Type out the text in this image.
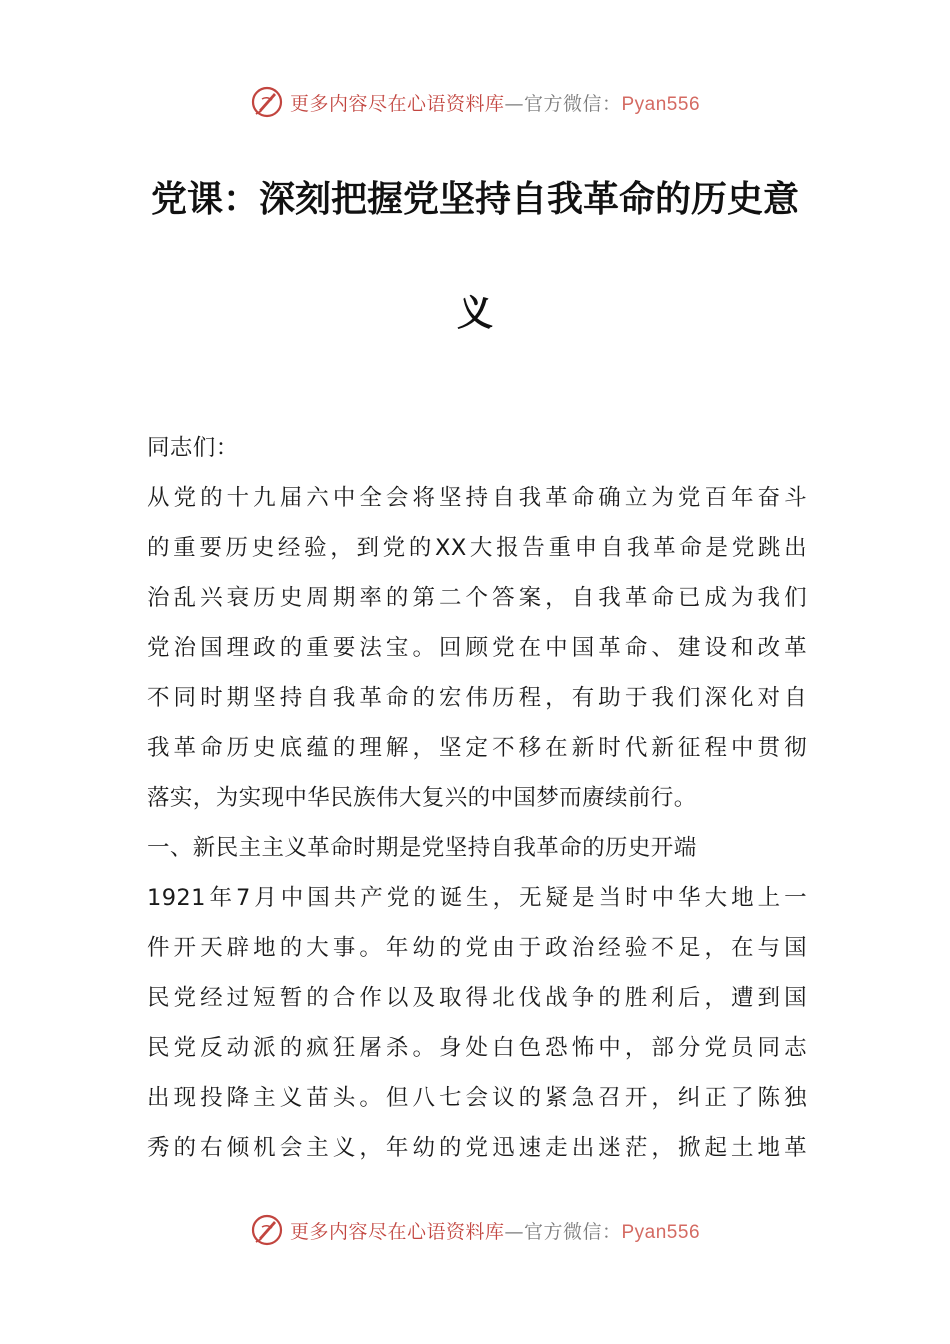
更多内容尽在心语资料库—官方微信：Pyan556
党课：深刻把握党坚持自我革命的历史意
义
同志们：
从党的十九届六中全会将坚持自我革命确立为党百年奋斗
的重要历史经验，到党的XX大报告重申自我革命是党跳出
治乱兴衰历史周期率的第二个答案，自我革命已成为我们
党治国理政的重要法宝。回顾党在中国革命、建设和改革
不同时期坚持自我革命的宏伟历程，有助于我们深化对自
我革命历史底蕴的理解，坚定不移在新时代新征程中贯彻
落实，为实现中华民族伟大复兴的中国梦而赓续前行。
一、新民主主义革命时期是党坚持自我革命的历史开端
1921年7月中国共产党的诞生，无疑是当时中华大地上一
件开天辟地的大事。年幼的党由于政治经验不足，在与国
民党经过短暂的合作以及取得北伐战争的胜利后，遭到国
民党反动派的疯狂屠杀。身处白色恐怖中，部分党员同志
出现投降主义苗头。但八七会议的紧急召开，纠正了陈独
秀的右倾机会主义，年幼的党迅速走出迷茫，掀起土地革
更多内容尽在心语资料库—官方微信：Pyan556
